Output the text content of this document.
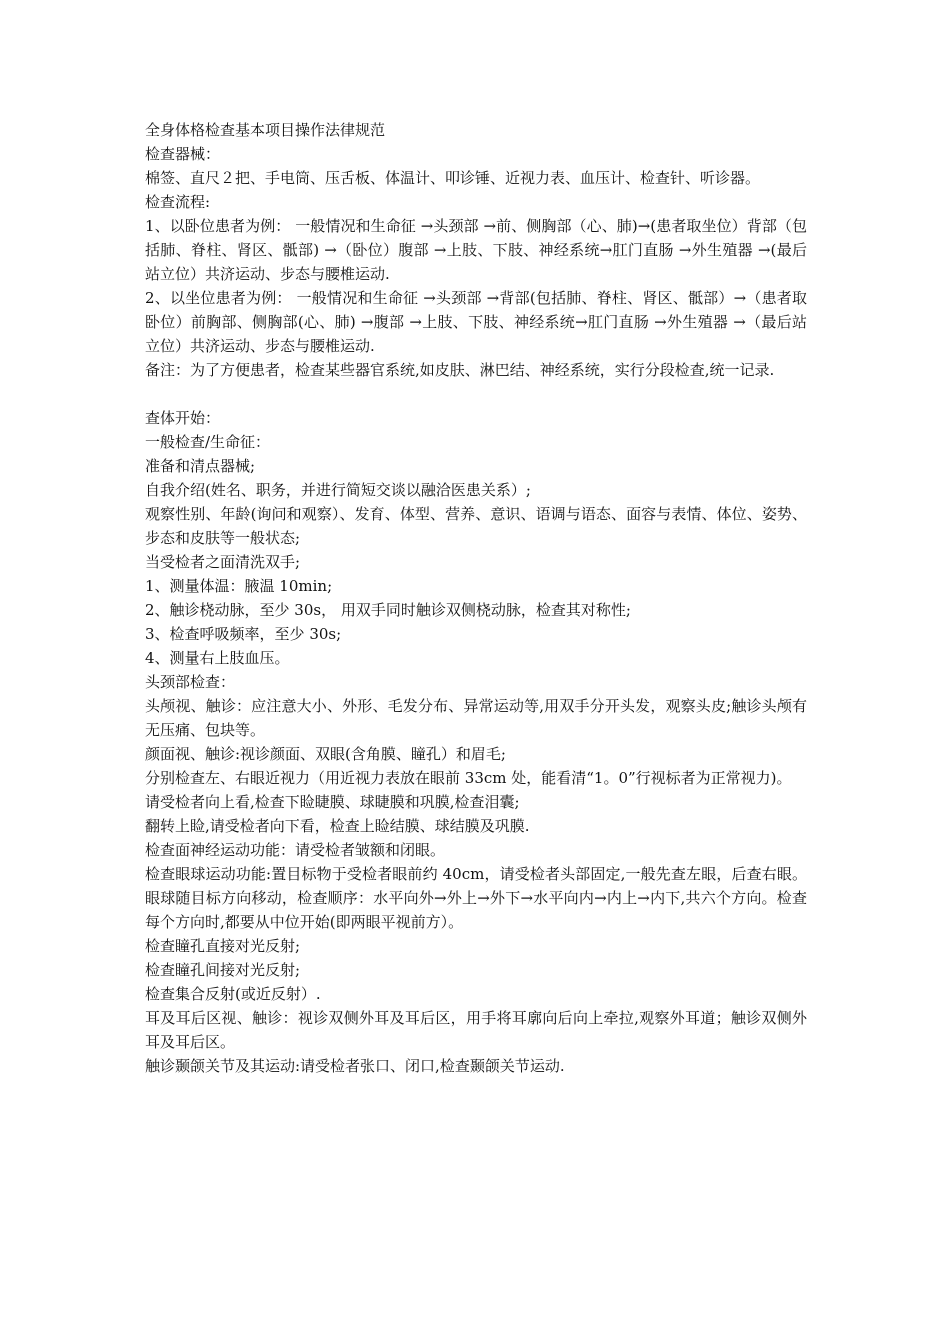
全身体格检查基本项目操作法律规范

检查器械：

棉签、直尺２把、手电筒、压舌板、体温计、叩诊锤、近视力表、血压计、检查针、听诊器。

检查流程:

1、以卧位患者为例： 一般情况和生命征 →头颈部 →前、侧胸部（心、肺)→(患者取坐位）背部（包括肺、脊柱、肾区、骶部) →（卧位）腹部 →上肢、下肢、神经系统→肛门直肠 →外生殖器 →(最后站立位）共济运动、步态与腰椎运动.

2、以坐位患者为例： 一般情况和生命征 →头颈部 →背部(包括肺、脊柱、肾区、骶部）→（患者取卧位）前胸部、侧胸部(心、肺) →腹部 →上肢、下肢、神经系统→肛门直肠 →外生殖器 →（最后站立位）共济运动、步态与腰椎运动.

备注：为了方便患者，检查某些器官系统,如皮肤、淋巴结、神经系统，实行分段检查,统一记录.

查体开始：

一般检查/生命征：

准备和清点器械;

自我介绍(姓名、职务，并进行简短交谈以融洽医患关系）;

观察性别、年龄(询问和观察）、发育、体型、营养、意识、语调与语态、面容与表情、体位、姿势、步态和皮肤等一般状态;

当受检者之面清洗双手;

1、测量体温：腋温 10min;

2、触诊桡动脉，至少 30s， 用双手同时触诊双侧桡动脉，检查其对称性;

3、检查呼吸频率，至少 30s;

4、测量右上肢血压。

头颈部检查：

头颅视、触诊：应注意大小、外形、毛发分布、异常运动等,用双手分开头发，观察头皮;触诊头颅有无压痛、包块等。

颜面视、触诊:视诊颜面、双眼(含角膜、瞳孔）和眉毛;

分别检查左、右眼近视力（用近视力表放在眼前 33cm 处，能看清“1。0”行视标者为正常视力)。

请受检者向上看,检查下睑睫膜、球睫膜和巩膜,检查泪囊;

翻转上睑,请受检者向下看，检查上睑结膜、球结膜及巩膜.

检查面神经运动功能：请受检者皱额和闭眼。

检查眼球运动功能:置目标物于受检者眼前约 40cm，请受检者头部固定,一般先查左眼，后查右眼。眼球随目标方向移动，检查顺序：水平向外→外上→外下→水平向内→内上→内下,共六个方向。检查每个方向时,都要从中位开始(即两眼平视前方）。

检查瞳孔直接对光反射;

检查瞳孔间接对光反射;

检查集合反射(或近反射）.

耳及耳后区视、触诊：视诊双侧外耳及耳后区，用手将耳廓向后向上牵拉,观察外耳道；触诊双侧外耳及耳后区。

触诊颞颌关节及其运动:请受检者张口、闭口,检查颞颌关节运动.
